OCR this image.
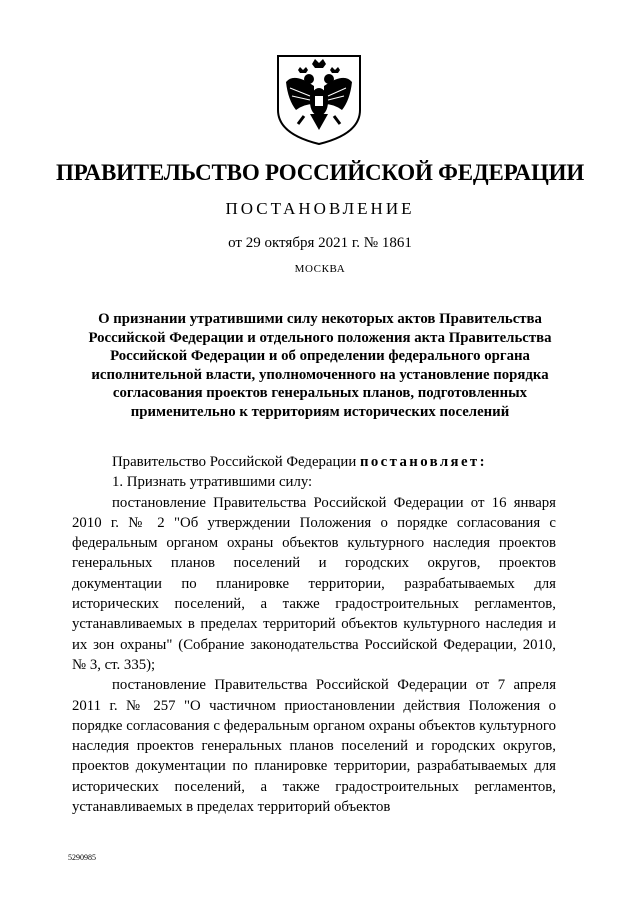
ПРАВИТЕЛЬСТВО РОССИЙСКОЙ ФЕДЕРАЦИИ
ПОСТАНОВЛЕНИЕ
от 29 октября 2021 г. № 1861
МОСКВА
О признании утратившими силу некоторых актов Правительства Российской Федерации и отдельного положения акта Правительства Российской Федерации и об определении федерального органа исполнительной власти, уполномоченного на установление порядка согласования проектов генеральных планов, подготовленных применительно к территориям исторических поселений

Правительство Российской Федерации постановляет:

1. Признать утратившими силу:

постановление Правительства Российской Федерации от 16 января 2010 г. № 2 "Об утверждении Положения о порядке согласования с федеральным органом охраны объектов культурного наследия проектов генеральных планов поселений и городских округов, проектов документации по планировке территории, разрабатываемых для исторических поселений, а также градостроительных регламентов, устанавливаемых в пределах территорий объектов культурного наследия и их зон охраны" (Собрание законодательства Российской Федерации, 2010, № 3, ст. 335);

постановление Правительства Российской Федерации от 7 апреля 2011 г. № 257 "О частичном приостановлении действия Положения о порядке согласования с федеральным органом охраны объектов культурного наследия проектов генеральных планов поселений и городских округов, проектов документации по планировке территории, разрабатываемых для исторических поселений, а также градостроительных регламентов, устанавливаемых в пределах территорий объектов

5290985
